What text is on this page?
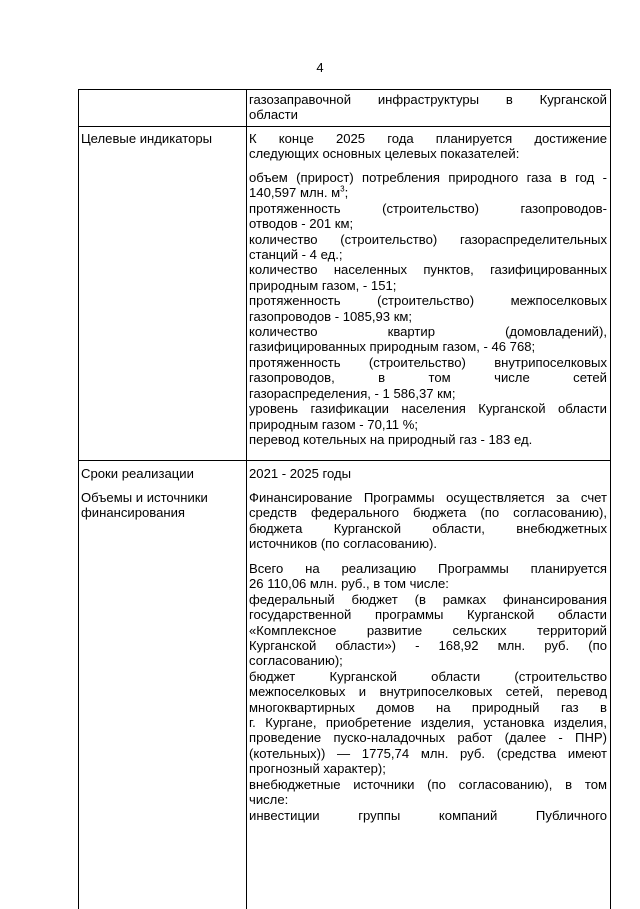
4
газозаправочной инфраструктуры в Курганской
области
Целевые индикаторы	К конце 2025 года планируется достижение
следующих основных целевых показателей:
объем (прирост) потребления природного газа в год -
140,597 млн. $м^3$;
протяженность (строительство) газопроводов-
отводов - 201 км;
количество (строительство) газораспределительных
станций - 4 ед.;
количество населенных пунктов, газифицированных
природным газом, - 151;
протяженность (строительство) межпоселковых
газопроводов - 1085,93 км;
количество квартир (домовладений),
газифицированных природным газом, - 46 768;
протяженность (строительство) внутрипоселковых
газопроводов, в том числе сетей
газораспределения, - 1 586,37 км;
уровень газификации населения Курганской области
природным газом - 70,11 %;
перевод котельных на природный газ - 183 ед.
Сроки реализации	2021 - 2025 годы
Объемы и источники
финансирования
Финансирование Программы осуществляется за счет
средств федерального бюджета (по согласованию),
бюджета Курганской области, внебюджетных
источников (по согласованию).
Всего на реализацию Программы планируется
26 110,06 млн. руб., в том числе:
федеральный бюджет (в рамках финансирования
государственной программы Курганской области
«Комплексное развитие сельских территорий
Курганской области») - 168,92 млн. руб. (по
согласованию);
бюджет Курганской области (строительство
межпоселковых и внутрипоселковых сетей, перевод
многоквартирных домов на природный газ в
г. Кургане, приобретение изделия, установка изделия,
проведение пуско-наладочных работ (далее - ПНР)
(котельных)) — 1775,74 млн. руб. (средства имеют
прогнозный характер);
внебюджетные источники (по согласованию), в том
числе:
инвестиции группы компаний Публичного
